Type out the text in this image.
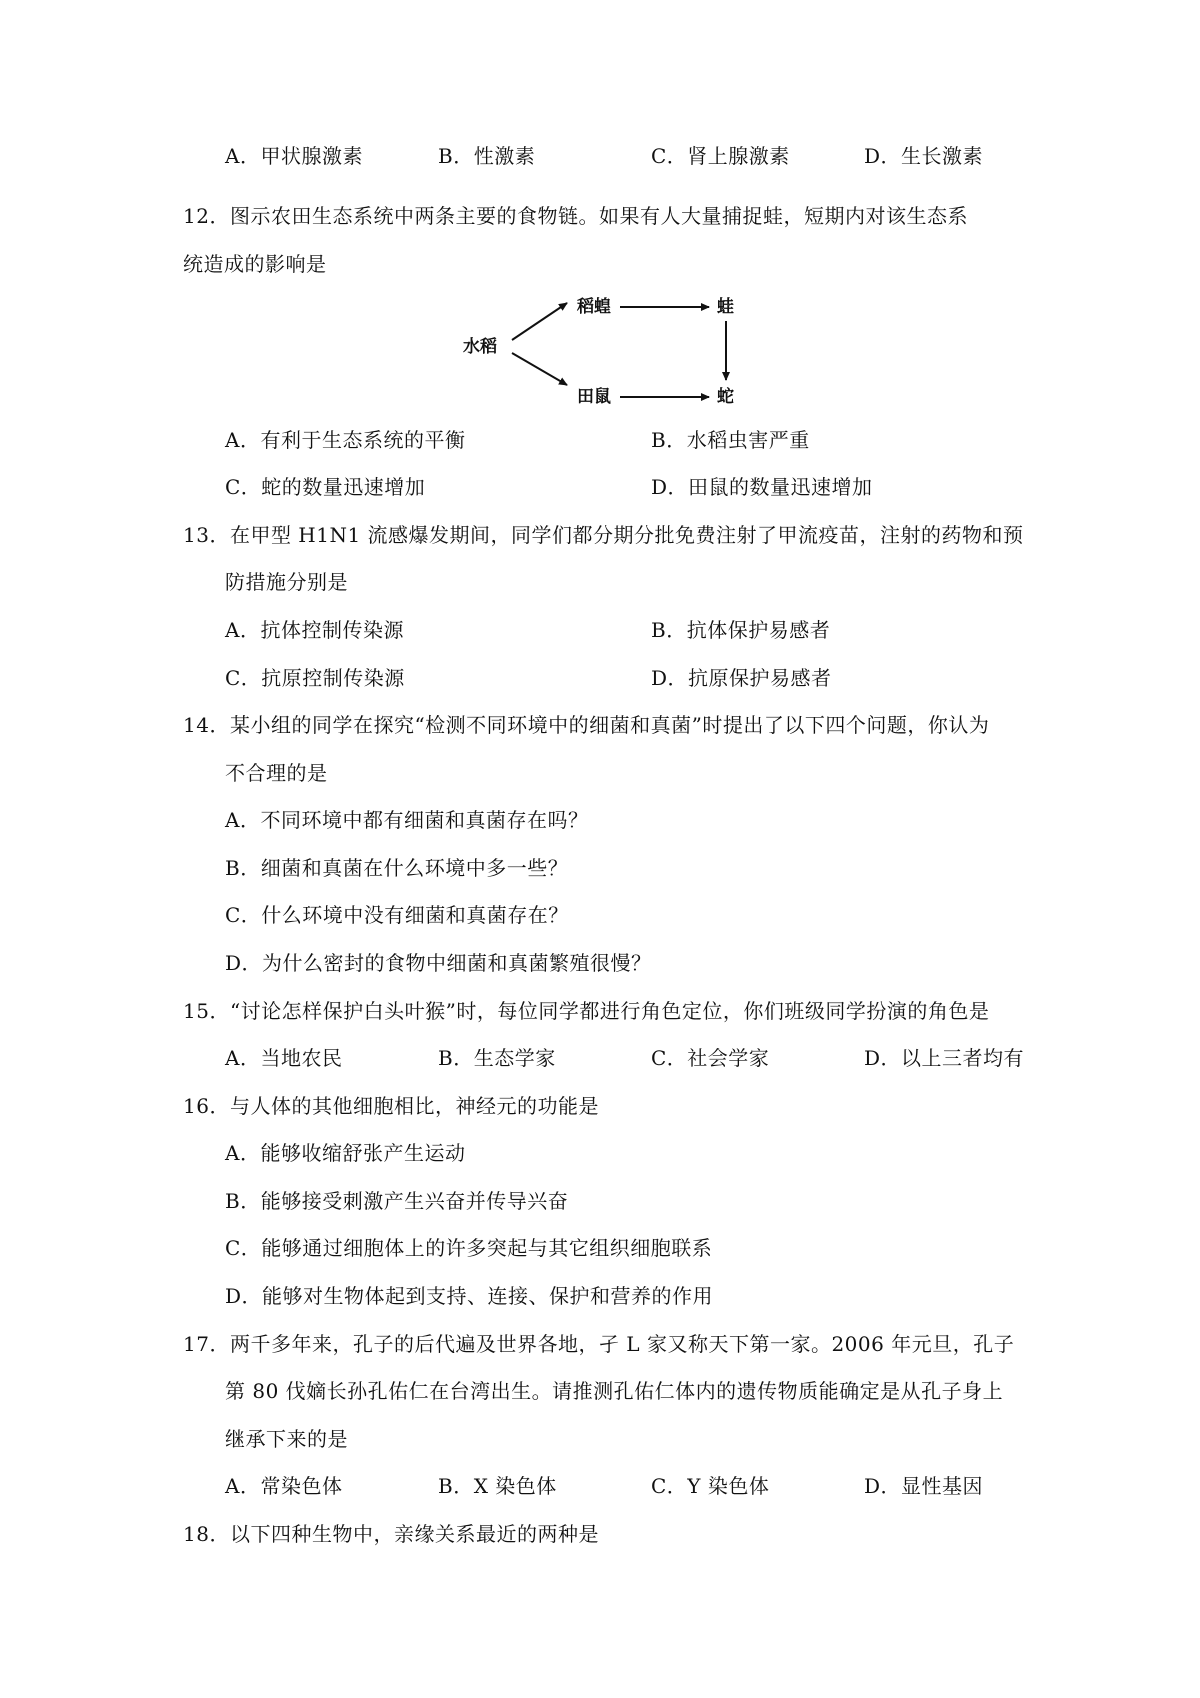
A．甲状腺激素	B．性激素	C．肾上腺激素	D．生长激素
12．图示农田生态系统中两条主要的食物链。如果有人大量捕捉蛙，短期内对该生态系
统造成的影响是
水稻
稻蝗	蛙
田鼠	蛇
A．有利于生态系统的平衡	B．水稻虫害严重
C．蛇的数量迅速增加	D．田鼠的数量迅速增加
13．在甲型 H1N1 流感爆发期间，同学们都分期分批免费注射了甲流疫苗，注射的药物和预
防措施分别是
A．抗体控制传染源	B．抗体保护易感者
C．抗原控制传染源	D．抗原保护易感者
14．某小组的同学在探究“检测不同环境中的细菌和真菌”时提出了以下四个问题，你认为
不合理的是
A．不同环境中都有细菌和真菌存在吗？
B．细菌和真菌在什么环境中多一些？
C．什么环境中没有细菌和真菌存在？
D．为什么密封的食物中细菌和真菌繁殖很慢？
15．“讨论怎样保护白头叶猴”时，每位同学都进行角色定位，你们班级同学扮演的角色是
A．当地农民	B．生态学家	C．社会学家	D．以上三者均有
16．与人体的其他细胞相比，神经元的功能是
A．能够收缩舒张产生运动
B．能够接受刺激产生兴奋并传导兴奋
C．能够通过细胞体上的许多突起与其它组织细胞联系
D．能够对生物体起到支持、连接、保护和营养的作用
17．两千多年来，孔子的后代遍及世界各地，孑 L 家又称天下第一家。2006 年元旦，孔子
第 80 伐嫡长孙孔佑仁在台湾出生。请推测孔佑仁体内的遗传物质能确定是从孔子身上
继承下来的是
A．常染色体	B．X 染色体	C．Y 染色体	D．显性基因
18．以下四种生物中，亲缘关系最近的两种是
